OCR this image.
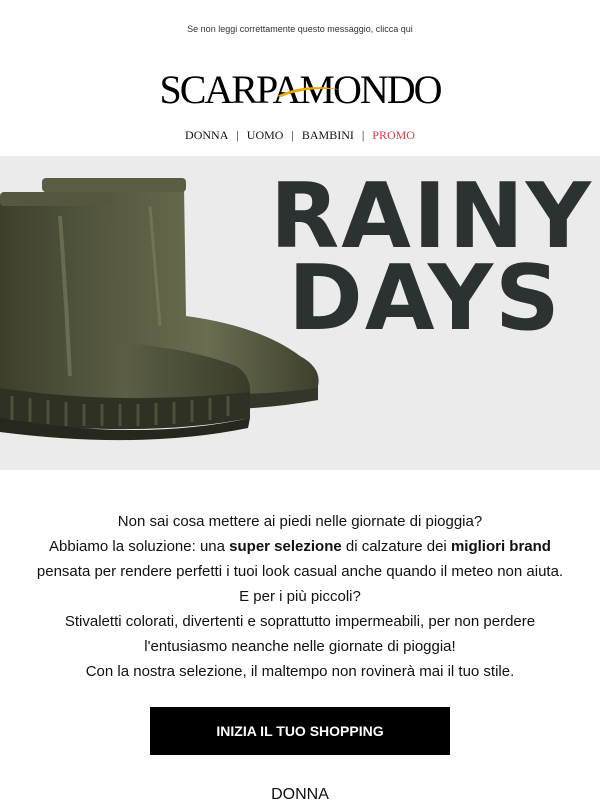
Se non leggi correttamente questo messaggio, clicca qui
SCARPAMONDO
DONNA | UOMO | BAMBINI | PROMO
RAINY
DAYS
Non sai cosa mettere ai piedi nelle giornate di pioggia?
Abbiamo la soluzione: una super selezione di calzature dei migliori brand
pensata per rendere perfetti i tuoi look casual anche quando il meteo non aiuta.
E per i più piccoli?
Stivaletti colorati, divertenti e soprattutto impermeabili, per non perdere
l'entusiasmo neanche nelle giornate di pioggia!
Con la nostra selezione, il maltempo non rovinerà mai il tuo stile.
INIZIA IL TUO SHOPPING
DONNA
